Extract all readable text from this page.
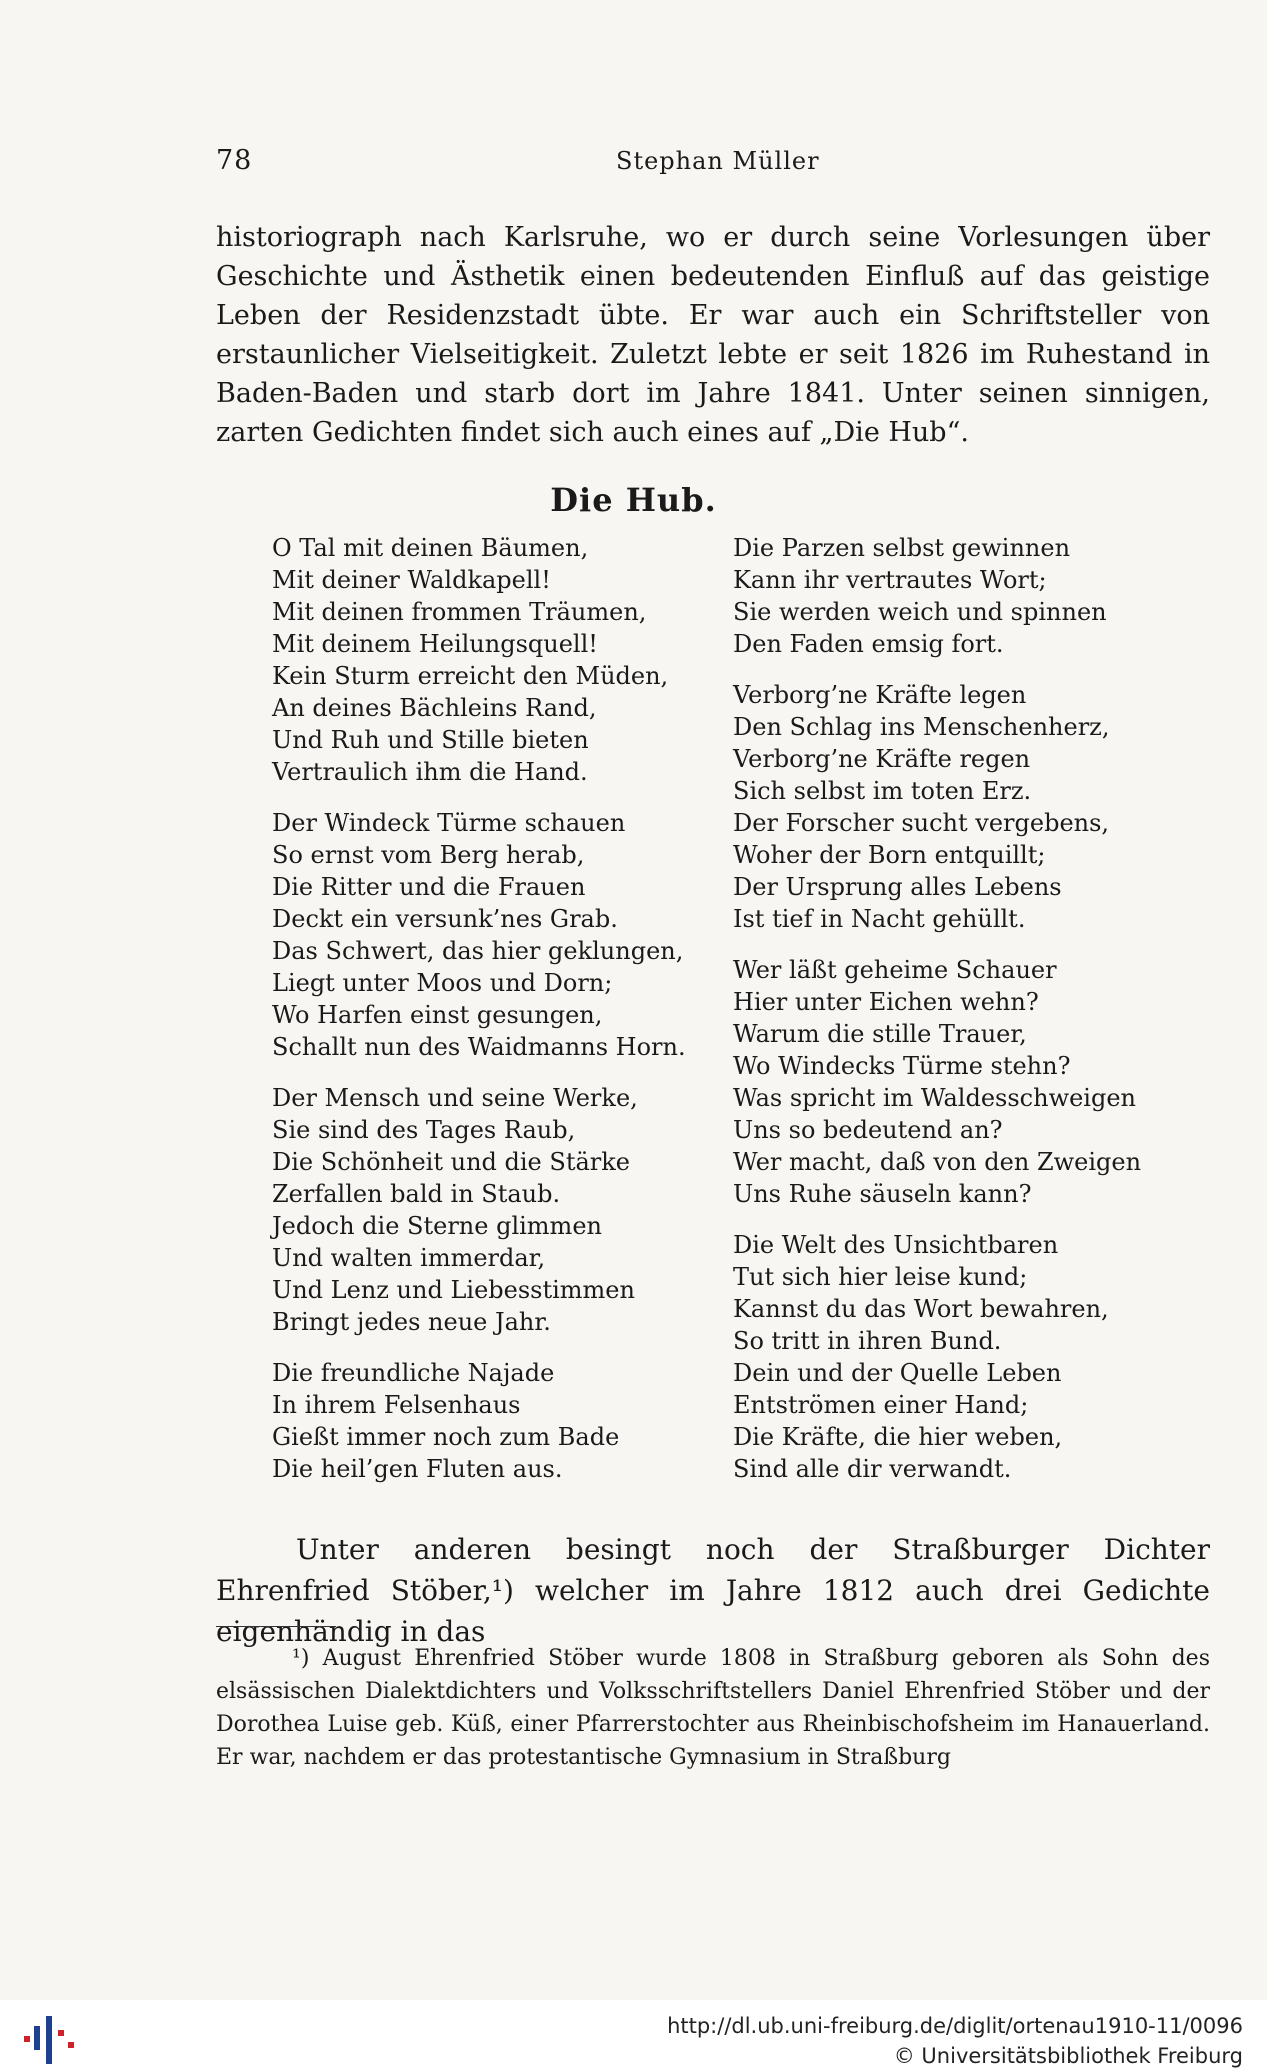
78	Stephan Müller

historiograph nach Karlsruhe, wo er durch seine Vorlesungen über Geschichte und Ästhetik einen bedeutenden Einfluß auf das geistige Leben der Residenzstadt übte. Er war auch ein Schriftsteller von erstaunlicher Vielseitigkeit. Zuletzt lebte er seit 1826 im Ruhestand in Baden-Baden und starb dort im Jahre 1841. Unter seinen sinnigen, zarten Gedichten findet sich auch eines auf „Die Hub“.

Die Hub.
O Tal mit deinen Bäumen,
Mit deiner Waldkapell!
Mit deinen frommen Träumen,
Mit deinem Heilungsquell!
Kein Sturm erreicht den Müden,
An deines Bächleins Rand,
Und Ruh und Stille bieten
Vertraulich ihm die Hand.
Der Windeck Türme schauen
So ernst vom Berg herab,
Die Ritter und die Frauen
Deckt ein versunk’nes Grab.
Das Schwert, das hier geklungen,
Liegt unter Moos und Dorn;
Wo Harfen einst gesungen,
Schallt nun des Waidmanns Horn.
Der Mensch und seine Werke,
Sie sind des Tages Raub,
Die Schönheit und die Stärke
Zerfallen bald in Staub.
Jedoch die Sterne glimmen
Und walten immerdar,
Und Lenz und Liebesstimmen
Bringt jedes neue Jahr.
Die freundliche Najade
In ihrem Felsenhaus
Gießt immer noch zum Bade
Die heil’gen Fluten aus.
Die Parzen selbst gewinnen
Kann ihr vertrautes Wort;
Sie werden weich und spinnen
Den Faden emsig fort.
Verborg’ne Kräfte legen
Den Schlag ins Menschenherz,
Verborg’ne Kräfte regen
Sich selbst im toten Erz.
Der Forscher sucht vergebens,
Woher der Born entquillt;
Der Ursprung alles Lebens
Ist tief in Nacht gehüllt.
Wer läßt geheime Schauer
Hier unter Eichen wehn?
Warum die stille Trauer,
Wo Windecks Türme stehn?
Was spricht im Waldesschweigen
Uns so bedeutend an?
Wer macht, daß von den Zweigen
Uns Ruhe säuseln kann?
Die Welt des Unsichtbaren
Tut sich hier leise kund;
Kannst du das Wort bewahren,
So tritt in ihren Bund.
Dein und der Quelle Leben
Entströmen einer Hand;
Die Kräfte, die hier weben,
Sind alle dir verwandt.

Unter anderen besingt noch der Straßburger Dichter Ehrenfried Stöber,¹) welcher im Jahre 1812 auch drei Gedichte eigenhändig in das

¹) August Ehrenfried Stöber wurde 1808 in Straßburg geboren als Sohn des elsässischen Dialektdichters und Volksschriftstellers Daniel Ehrenfried Stöber und der Dorothea Luise geb. Küß, einer Pfarrerstochter aus Rheinbischofsheim im Hanauerland. Er war, nachdem er das protestantische Gymnasium in Straßburg

http://dl.ub.uni-freiburg.de/diglit/ortenau1910-11/0096
© Universitätsbibliothek Freiburg
